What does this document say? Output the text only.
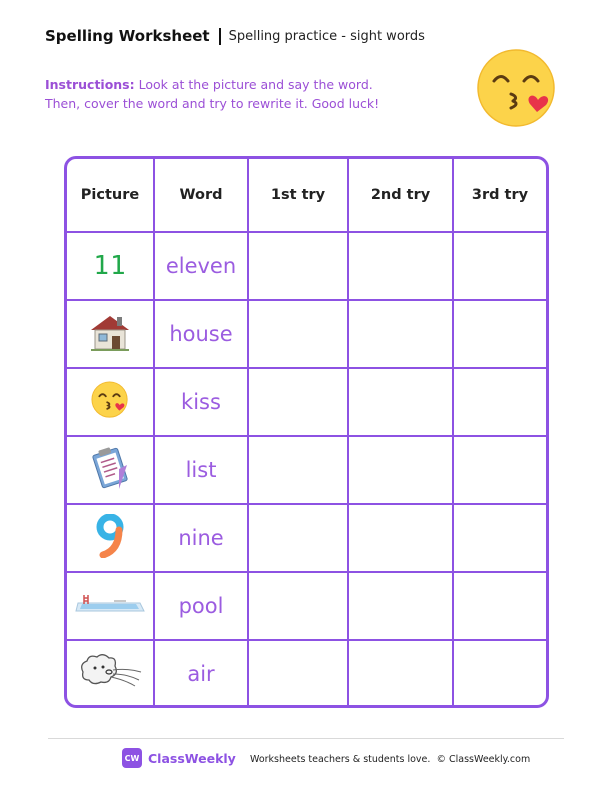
Spelling Worksheet Spelling practice - sight words
Instructions: Look at the picture and say the word.
Then, cover the word and try to rewrite it. Good luck!
Picture	Word	1st try	2nd try	3rd try
11	eleven			
	house			
	kiss			
	list			
	nine			
	pool			
	air			
CW ClassWeekly Worksheets teachers & students love. © ClassWeekly.com
